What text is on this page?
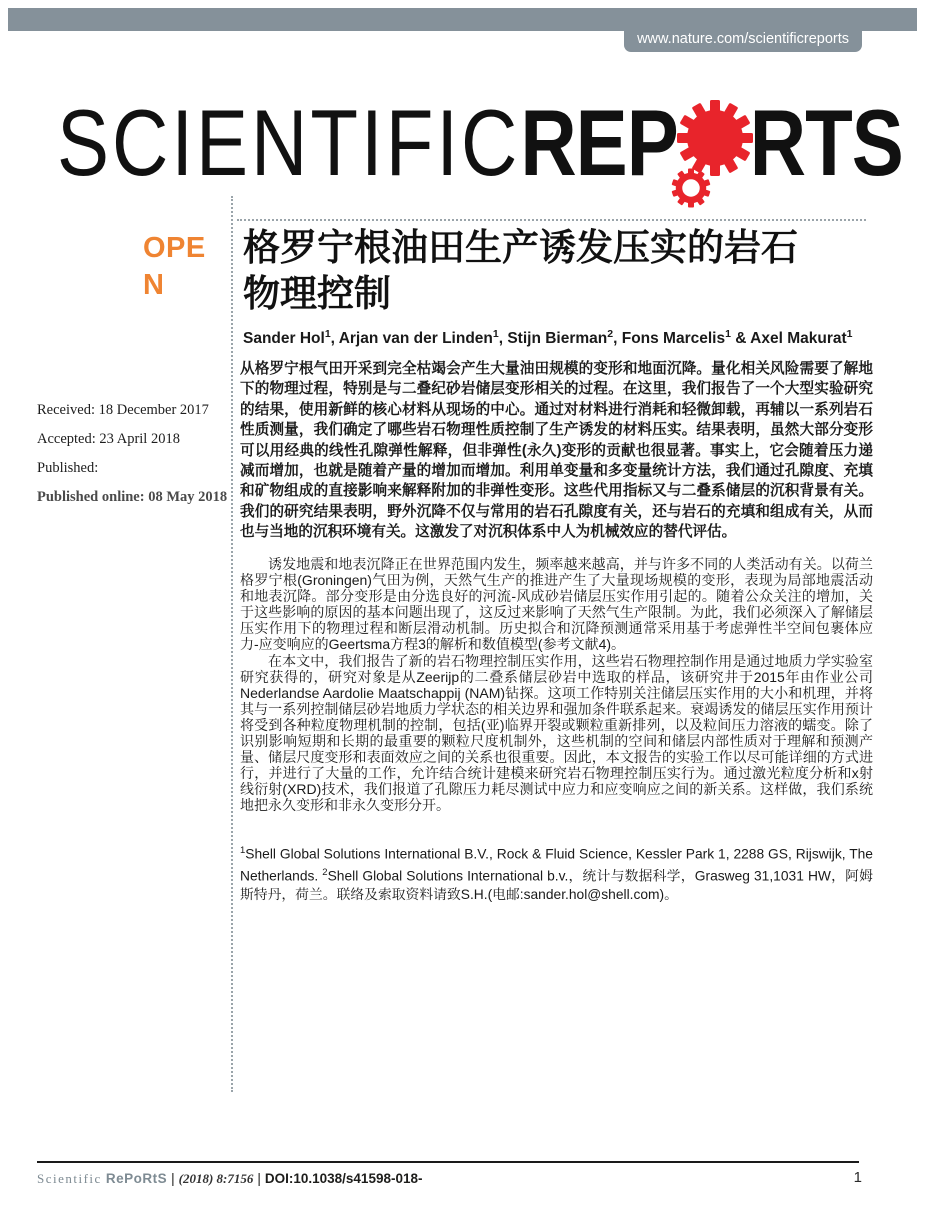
www.nature.com/scientificreports
SCIENTIFIC REP RTS
OPEN
格罗宁根油田生产诱发压实的岩石物理控制
Sander Hol$^1$, Arjan van der Linden$^1$, Stijn Bierman$^2$, Fons Marcelis$^1$ & Axel Makurat$^1$
从格罗宁根气田开采到完全枯竭会产生大量油田规模的变形和地面沉降。量化相关风险需要了解地下的物理过程，特别是与二叠纪砂岩储层变形相关的过程。在这里，我们报告了一个大型实验研究的结果，使用新鲜的核心材料从现场的中心。通过对材料进行消耗和轻微卸载，再辅以一系列岩石性质测量，我们确定了哪些岩石物理性质控制了生产诱发的材料压实。结果表明，虽然大部分变形可以用经典的线性孔隙弹性解释，但非弹性(永久)变形的贡献也很显著。事实上，它会随着压力递减而增加，也就是随着产量的增加而增加。利用单变量和多变量统计方法，我们通过孔隙度、充填和矿物组成的直接影响来解释附加的非弹性变形。这些代用指标又与二叠系储层的沉积背景有关。我们的研究结果表明，野外沉降不仅与常用的岩石孔隙度有关，还与岩石的充填和组成有关，从而也与当地的沉积环境有关。这激发了对沉积体系中人为机械效应的替代评估。
Received: 18 December 2017
Accepted: 23 April 2018 Published:
Published online: 08 May 2018

诱发地震和地表沉降正在世界范围内发生，频率越来越高，并与许多不同的人类活动有关。以荷兰格罗宁根(Groningen)气田为例，天然气生产的推进产生了大量现场规模的变形，表现为局部地震活动和地表沉降。部分变形是由分选良好的河流-风成砂岩储层压实作用引起的。随着公众关注的增加，关于这些影响的原因的基本问题出现了，这反过来影响了天然气生产限制。为此，我们必须深入了解储层压实作用下的物理过程和断层滑动机制。历史拟合和沉降预测通常采用基于考虑弹性半空间包裹体应力-应变响应的Geertsma方程3的解析和数值模型(参考文献4)。

在本文中，我们报告了新的岩石物理控制压实作用，这些岩石物理控制作用是通过地质力学实验室研究获得的，研究对象是从Zeerijp的二叠系储层砂岩中选取的样品，该研究井于2015年由作业公司Nederlandse Aardolie Maatschappij (NAM)钻探。这项工作特别关注储层压实作用的大小和机理，并将其与一系列控制储层砂岩地质力学状态的相关边界和强加条件联系起来。衰竭诱发的储层压实作用预计将受到各种粒度物理机制的控制，包括(亚)临界开裂或颗粒重新排列，以及粒间压力溶液的蠕变。除了识别影响短期和长期的最重要的颗粒尺度机制外，这些机制的空间和储层内部性质对于理解和预测产量、储层尺度变形和表面效应之间的关系也很重要。因此，本文报告的实验工作以尽可能详细的方式进行，并进行了大量的工作，允许结合统计建模来研究岩石物理控制压实行为。通过激光粒度分析和x射线衍射(XRD)技术，我们报道了孔隙压力耗尽测试中应力和应变响应之间的新关系。这样做，我们系统地把永久变形和非永久变形分开。

$^1$Shell Global Solutions International B.V., Rock & Fluid Science, Kessler Park 1, 2288 GS, Rijswijk, The Netherlands. $^2$Shell Global Solutions International b.v.，统计与数据科学，Grasweg 31,1031 HW，阿姆斯特丹，荷兰。联络及索取资料请致S.H.(电邮:sander.hol@shell.com)。
Scientific RePoRtS | (2018) 8:7156 | DOI:10.1038/s41598-018-	1
